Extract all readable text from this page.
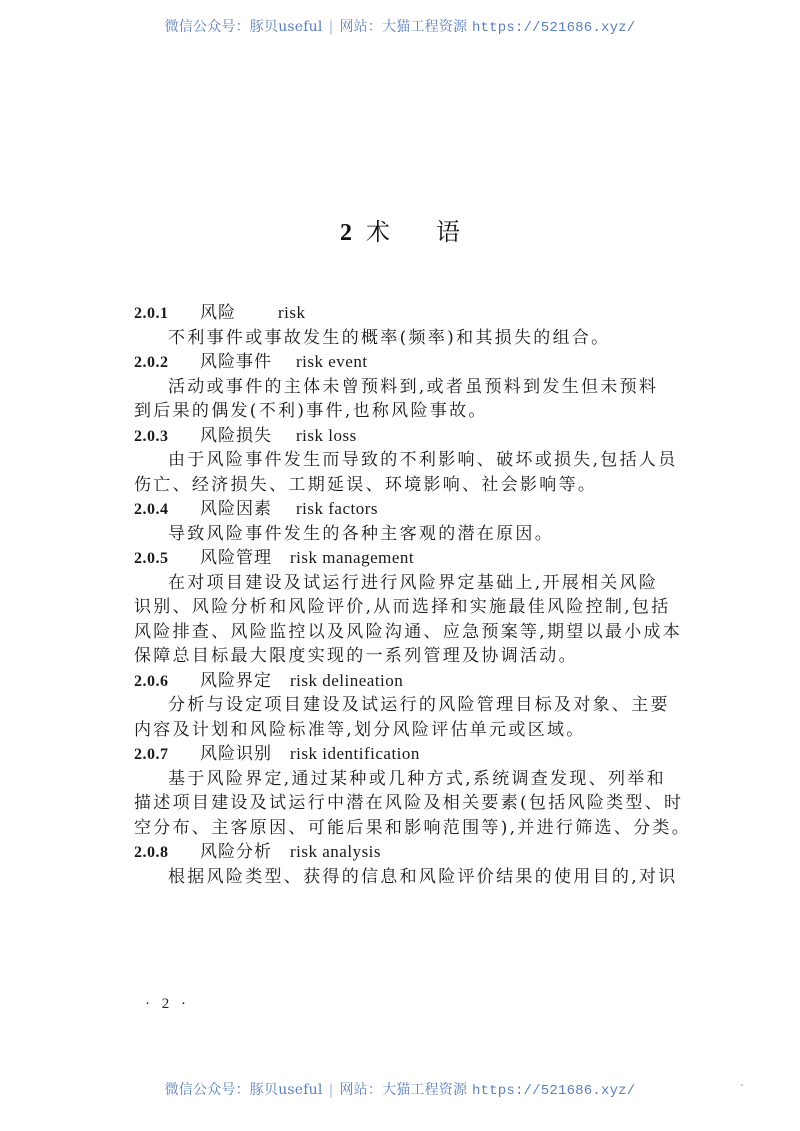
微信公众号：豚贝useful | 网站：大猫工程资源 https://521686.xyz/
2 术 语
2.0.1 风险 risk
不利事件或事故发生的概率(频率)和其损失的组合。
2.0.2 风险事件 risk event
活动或事件的主体未曾预料到,或者虽预料到发生但未预料
到后果的偶发(不利)事件,也称风险事故。
2.0.3 风险损失 risk loss
由于风险事件发生而导致的不利影响、破坏或损失,包括人员
伤亡、经济损失、工期延误、环境影响、社会影响等。
2.0.4 风险因素 risk factors
导致风险事件发生的各种主客观的潜在原因。
2.0.5 风险管理 risk management
在对项目建设及试运行进行风险界定基础上,开展相关风险
识别、风险分析和风险评价,从而选择和实施最佳风险控制,包括
风险排查、风险监控以及风险沟通、应急预案等,期望以最小成本
保障总目标最大限度实现的一系列管理及协调活动。
2.0.6 风险界定 risk delineation
分析与设定项目建设及试运行的风险管理目标及对象、主要
内容及计划和风险标准等,划分风险评估单元或区域。
2.0.7 风险识别 risk identification
基于风险界定,通过某种或几种方式,系统调查发现、列举和
描述项目建设及试运行中潜在风险及相关要素(包括风险类型、时
空分布、主客原因、可能后果和影响范围等),并进行筛选、分类。
2.0.8 风险分析 risk analysis
根据风险类型、获得的信息和风险评价结果的使用目的,对识
· 2 ·
微信公众号：豚贝useful | 网站：大猫工程资源 https://521686.xyz/	-
